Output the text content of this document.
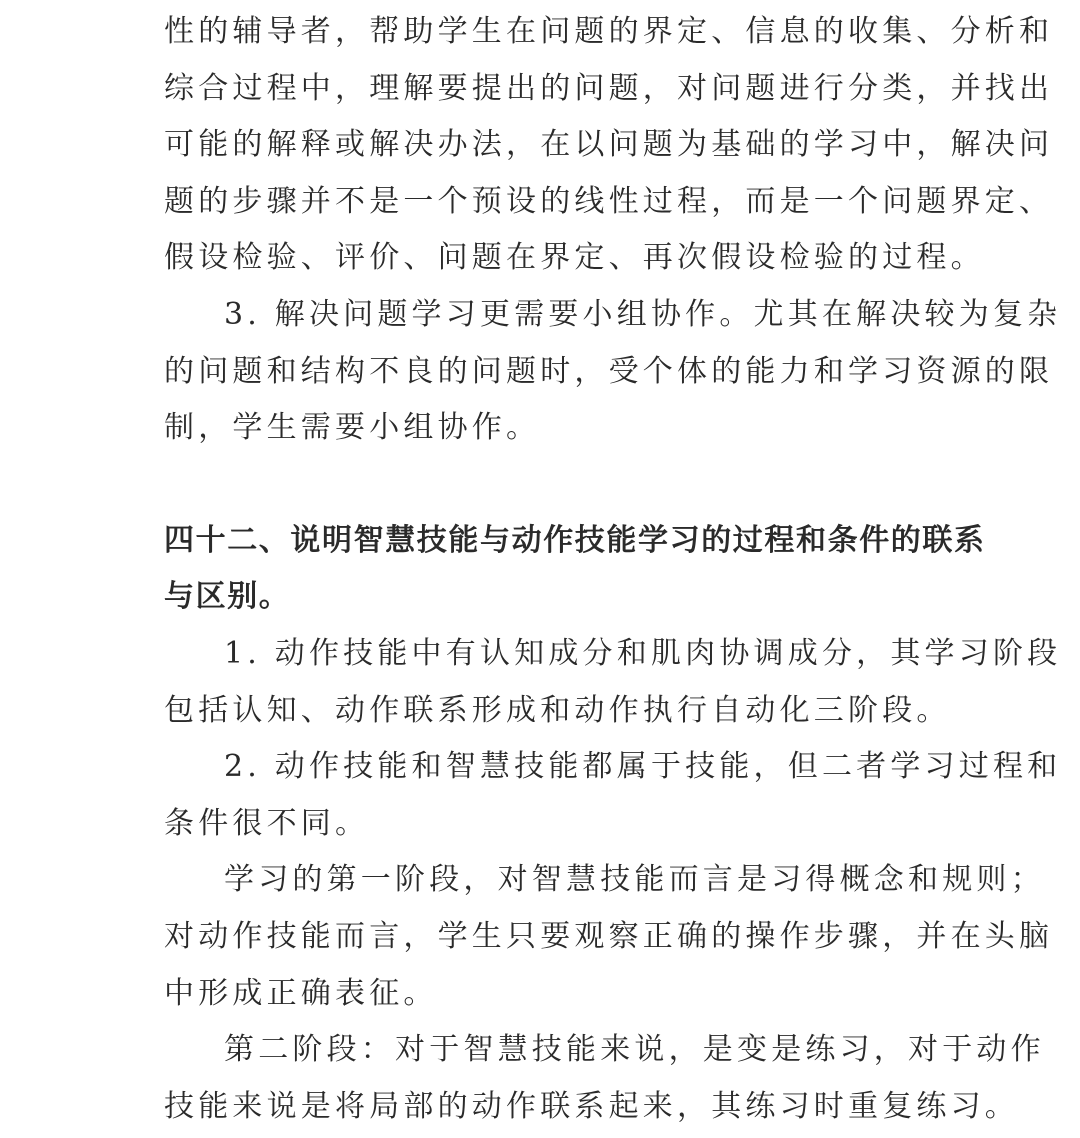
性的辅导者，帮助学生在问题的界定、信息的收集、分析和
综合过程中，理解要提出的问题，对问题进行分类，并找出
可能的解释或解决办法，在以问题为基础的学习中，解决问
题的步骤并不是一个预设的线性过程，而是一个问题界定、
假设检验、评价、问题在界定、再次假设检验的过程。
3. 解决问题学习更需要小组协作。尤其在解决较为复杂
的问题和结构不良的问题时，受个体的能力和学习资源的限
制，学生需要小组协作。
四十二、说明智慧技能与动作技能学习的过程和条件的联系
与区别。
1. 动作技能中有认知成分和肌肉协调成分，其学习阶段
包括认知、动作联系形成和动作执行自动化三阶段。
2. 动作技能和智慧技能都属于技能，但二者学习过程和
条件很不同。
学习的第一阶段，对智慧技能而言是习得概念和规则；
对动作技能而言，学生只要观察正确的操作步骤，并在头脑
中形成正确表征。
第二阶段：对于智慧技能来说，是变是练习，对于动作
技能来说是将局部的动作联系起来，其练习时重复练习。
